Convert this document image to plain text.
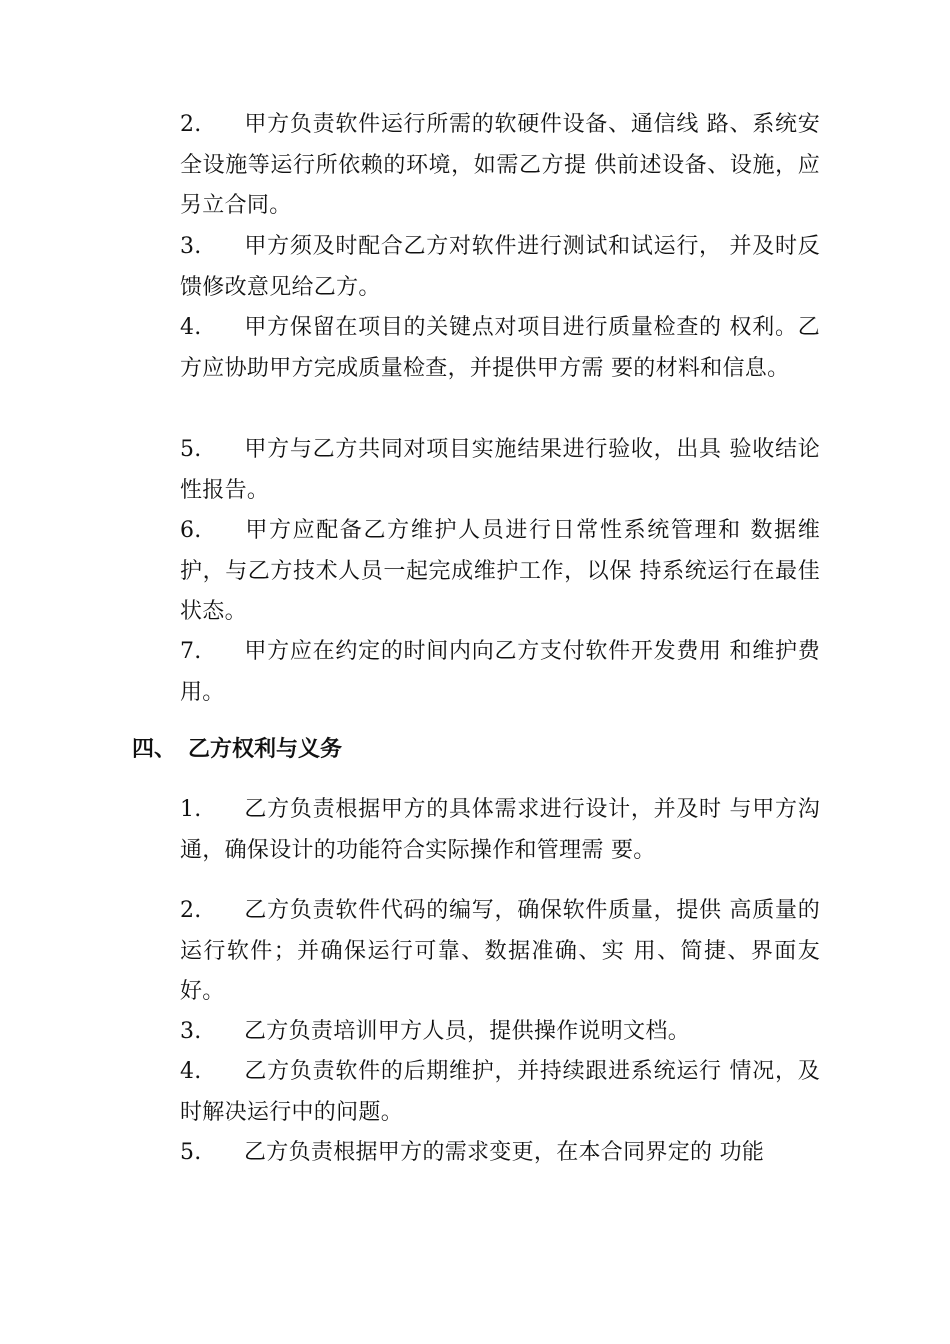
2. 甲方负责软件运行所需的软硬件设备、通信线 路、系统安全设施等运行所依赖的环境，如需乙方提 供前述设备、设施，应另立合同。
3. 甲方须及时配合乙方对软件进行测试和试运行， 并及时反馈修改意见给乙方。
4. 甲方保留在项目的关键点对项目进行质量检查的 权利。乙方应协助甲方完成质量检查，并提供甲方需 要的材料和信息。
5. 甲方与乙方共同对项目实施结果进行验收，出具 验收结论性报告。
6. 甲方应配备乙方维护人员进行日常性系统管理和 数据维护，与乙方技术人员一起完成维护工作，以保 持系统运行在最佳状态。
7. 甲方应在约定的时间内向乙方支付软件开发费用 和维护费用。
四、 乙方权利与义务
1. 乙方负责根据甲方的具体需求进行设计，并及时 与甲方沟通，确保设计的功能符合实际操作和管理需 要。
2. 乙方负责软件代码的编写，确保软件质量，提供 高质量的运行软件；并确保运行可靠、数据准确、实 用、简捷、界面友好。
3. 乙方负责培训甲方人员，提供操作说明文档。
4. 乙方负责软件的后期维护，并持续跟进系统运行 情况，及时解决运行中的问题。
5. 乙方负责根据甲方的需求变更，在本合同界定的 功能
